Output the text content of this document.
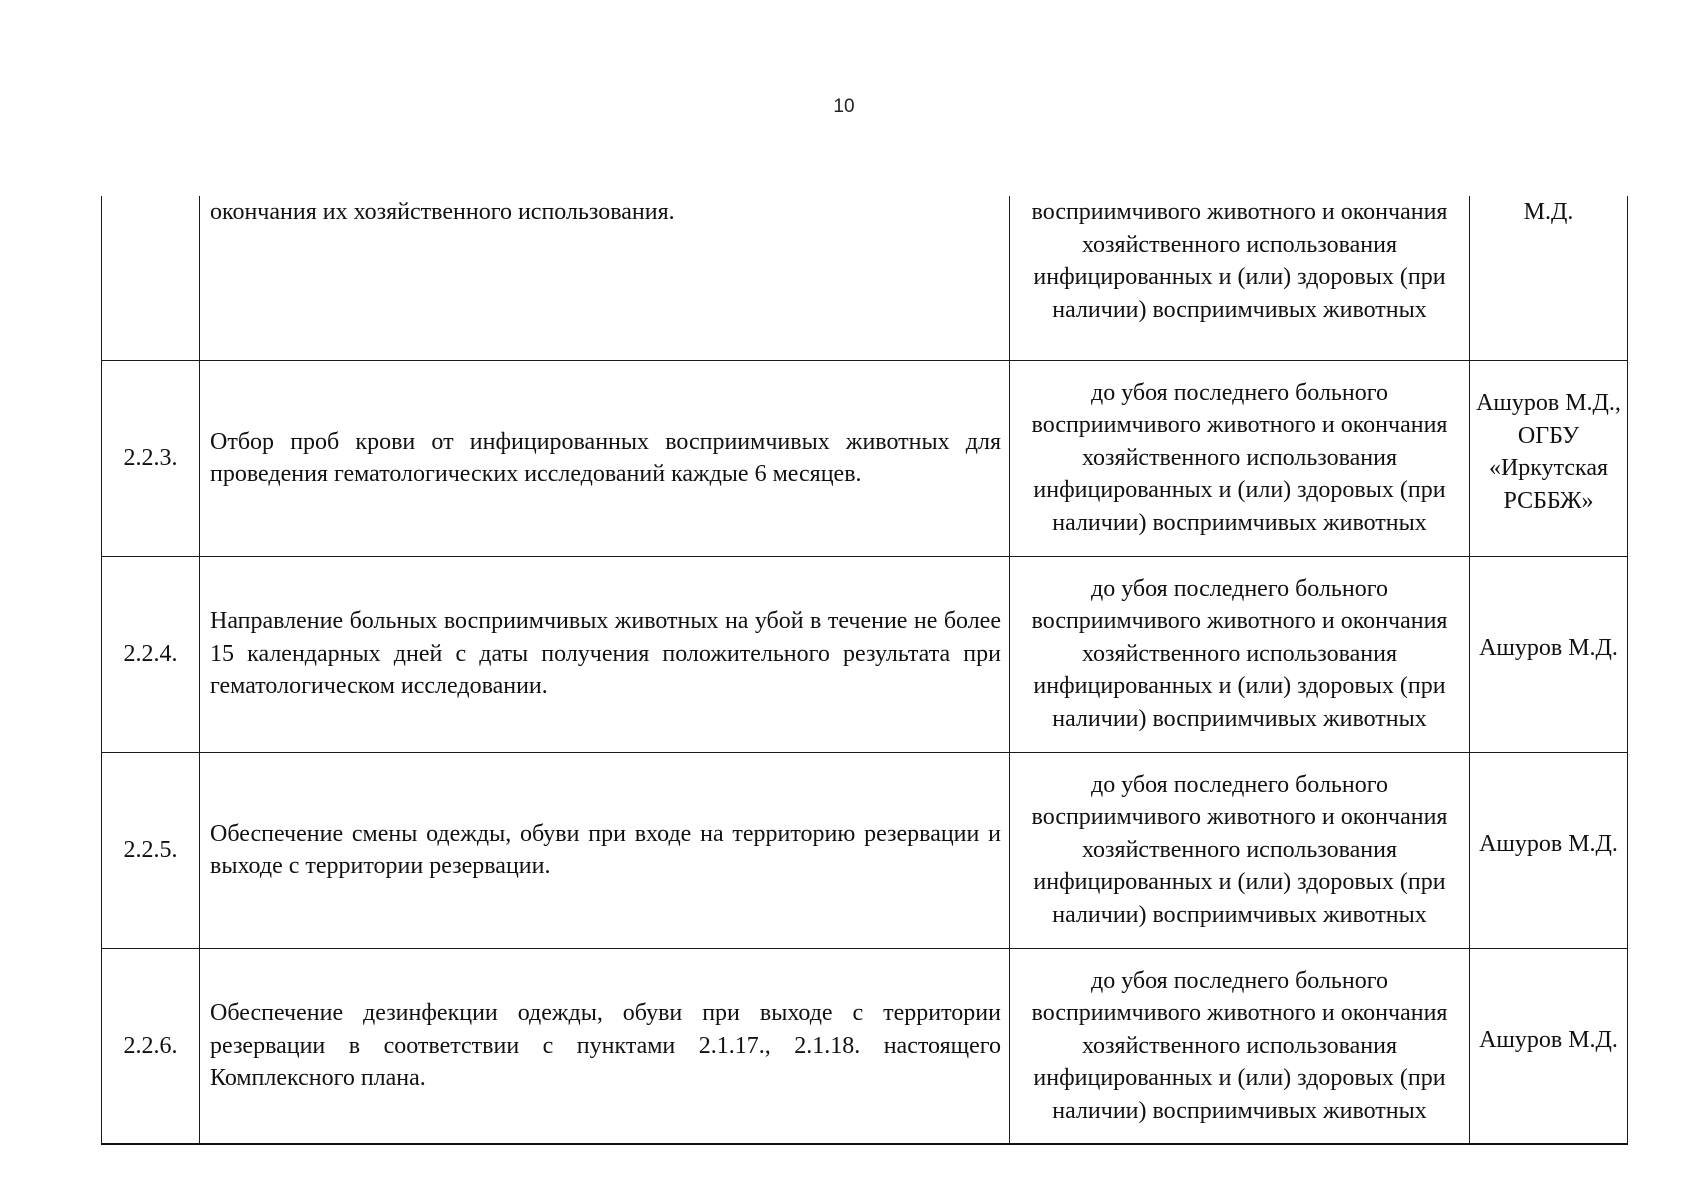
10

	окончания их хозяйственного использования.	восприимчивого животного и окончания хозяйственного использования инфицированных и (или) здоровых (при наличии) восприимчивых животных	М.Д.

2.2.3.	Отбор проб крови от инфицированных восприимчивых животных для проведения гематологических исследований каждые 6 месяцев.	до убоя последнего больного восприимчивого животного и окончания хозяйственного использования инфицированных и (или) здоровых (при наличии) восприимчивых животных	Ашуров М.Д., ОГБУ «Иркутская РСББЖ»

2.2.4.	Направление больных восприимчивых животных на убой в течение не более 15 календарных дней с даты получения положительного результата при гематологическом исследовании.	до убоя последнего больного восприимчивого животного и окончания хозяйственного использования инфицированных и (или) здоровых (при наличии) восприимчивых животных	Ашуров М.Д.

2.2.5.	Обеспечение смены одежды, обуви при входе на территорию резервации и выходе с территории резервации.	до убоя последнего больного восприимчивого животного и окончания хозяйственного использования инфицированных и (или) здоровых (при наличии) восприимчивых животных	Ашуров М.Д.

2.2.6.	Обеспечение дезинфекции одежды, обуви при выходе с территории резервации в соответствии с пунктами 2.1.17., 2.1.18. настоящего Комплексного плана.	до убоя последнего больного восприимчивого животного и окончания хозяйственного использования инфицированных и (или) здоровых (при наличии) восприимчивых животных	Ашуров М.Д.
